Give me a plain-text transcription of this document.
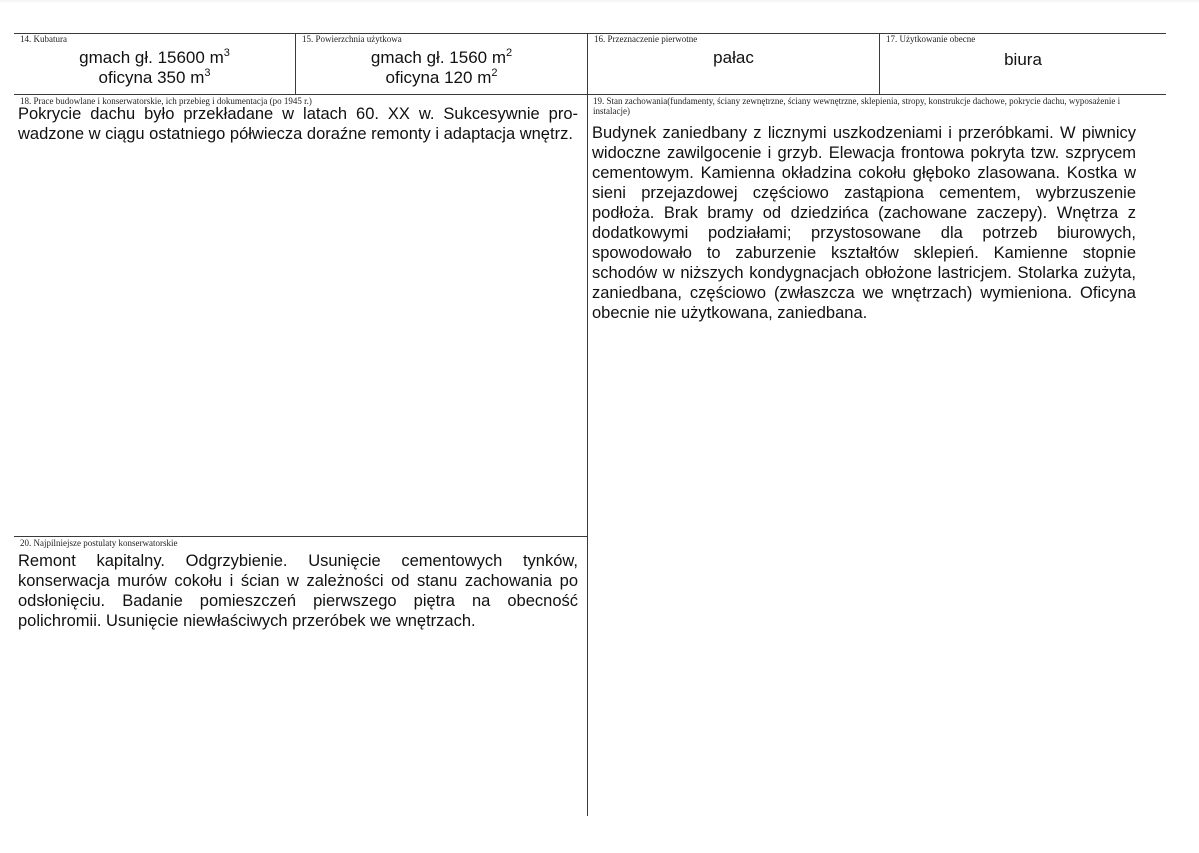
14. Kubatura
gmach gł. 15600 $m^3$
oficyna 350 $m^3$
15. Powierzchnia użytkowa
gmach gł. 1560 $m^2$
oficyna 120 $m^2$
16. Przeznaczenie pierwotne
pałac
17. Użytkowanie obecne
biura
18. Prace budowlane i konserwatorskie, ich przebieg i dokumentacja (po 1945 r.)
Pokrycie dachu było przekładane w latach 60. XX w. Sukcesywnie prowadzone w ciągu ostatniego półwiecza doraźne remonty i adaptacja wnętrz.
19. Stan zachowania(fundamenty, ściany zewnętrzne, ściany wewnętrzne, sklepienia, stropy, konstrukcje dachowe, pokrycie dachu, wyposażenie i instalacje)
Budynek zaniedbany z licznymi uszkodzeniami i przeróbkami. W piwnicy widoczne zawilgocenie i grzyb. Elewacja frontowa pokryta tzw. szprycem cementowym. Kamienna okładzina cokołu głęboko zlasowana. Kostka w sieni przejazdowej częściowo zastąpiona cementem, wybrzuszenie podłoża. Brak bramy od dziedzińca (zachowane zaczepy). Wnętrza z dodatkowymi podziałami; przystosowane dla potrzeb biurowych, spowodowało to zaburzenie kształtów sklepień. Kamienne stopnie schodów w niższych kondygnacjach obłożone lastricjem. Stolarka zużyta, zaniedbana, częściowo (zwłaszcza we wnętrzach) wymieniona. Oficyna obecnie nie użytkowana, zaniedbana.
20. Najpilniejsze postulaty konserwatorskie
Remont kapitalny. Odgrzybienie. Usunięcie cementowych tynków, konserwacja murów cokołu i ścian w zależności od stanu zachowania po odsłonięciu. Badanie pomieszczeń pierwszego piętra na obecność polichromii. Usunięcie niewłaściwych przeróbek we wnętrzach.
